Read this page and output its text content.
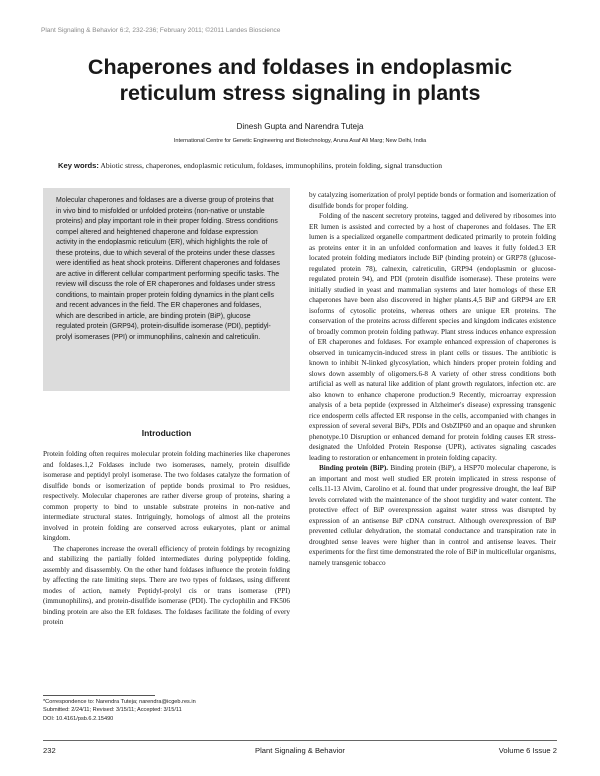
Plant Signaling & Behavior 6:2, 232-236; February 2011; ©2011 Landes Bioscience
Chaperones and foldases in endoplasmic
reticulum stress signaling in plants
Dinesh Gupta and Narendra Tuteja
International Centre for Genetic Engineering and Biotechnology, Aruna Asaf Ali Marg; New Delhi, India
Key words: Abiotic stress, chaperones, endoplasmic reticulum, foldases, immunophilins, protein folding, signal transduction

Molecular chaperones and foldases are a diverse group of proteins that in vivo bind to misfolded or unfolded proteins (non-native or unstable proteins) and play important role in their proper folding. Stress conditions compel altered and heightened chaperone and foldase expression activity in the endoplasmic reticulum (ER), which highlights the role of these proteins, due to which several of the proteins under these classes were identified as heat shock proteins. Different chaperones and foldases are active in different cellular compartment performing specific tasks. The review will discuss the role of ER chaperones and foldases under stress conditions, to maintain proper protein folding dynamics in the plant cells and recent advances in the field. The ER chaperones and foldases, which are described in article, are binding protein (BiP), glucose regulated protein (GRP94), protein-disulfide isomerase (PDI), peptidyl-prolyl isomerases (PPI) or immunophilins, calnexin and calreticulin.

Introduction

Protein folding often requires molecular protein folding machineries like chaperones and foldases.1,2 Foldases include two isomerases, namely, protein disulfide isomerase and peptidyl prolyl isomerase. The two foldases catalyze the formation of disulfide bonds or isomerization of peptide bonds proximal to Pro residues, respectively. Molecular chaperones are rather diverse group of proteins, sharing a common property to bind to unstable substrate proteins in non-native and intermediate structural states. Intriguingly, homologs of almost all the proteins involved in protein folding are conserved across eukaryotes, plant or animal kingdom.

The chaperones increase the overall efficiency of protein foldings by recognizing and stabilizing the partially folded intermediates during polypeptide folding, assembly and disassembly. On the other hand foldases influence the protein folding by affecting the rate limiting steps. There are two types of foldases, using different modes of action, namely Peptidyl-prolyl cis or trans isomerase (PPI) (immunophilins), and protein-disulfide isomerase (PDI). The cyclophilin and FK506 binding protein are also the ER foldases. The foldases facilitate the folding of every protein

by catalyzing isomerization of prolyl peptide bonds or formation and isomerization of disulfide bonds for proper folding.

Folding of the nascent secretory proteins, tagged and delivered by ribosomes into ER lumen is assisted and corrected by a host of chaperones and foldases. The ER lumen is a specialized organelle compartment dedicated primarily to protein folding as proteins enter it in an unfolded conformation and leaves it fully folded.3 ER located protein folding mediators include BiP (binding protein) or GRP78 (glucose-regulated protein 78), calnexin, calreticulin, GRP94 (endoplasmin or glucose-regulated protein 94), and PDI (protein disulfide isomerase). These proteins were initially studied in yeast and mammalian systems and later homologs of these ER chaperones have been also discovered in higher plants.4,5 BiP and GRP94 are ER isoforms of cytosolic proteins, whereas others are unique ER proteins. The conservation of the proteins across different species and kingdom indicates existence of broadly common protein folding pathway. Plant stress induces enhance expression of ER chaperones and foldases. For example enhanced expression of chaperones is observed in tunicamycin-induced stress in plant cells or tissues. The antibiotic is known to inhibit N-linked glycosylation, which hinders proper protein folding and slows down assembly of oligomers.6-8 A variety of other stress conditions both artificial as well as natural like addition of plant growth regulators, infection etc. are also known to enhance chaperone production.9 Recently, microarray expression analysis of a beta peptide (expressed in Alzheimer's disease) expressing transgenic rice endosperm cells affected ER response in the cells, accompanied with changes in expression of several several BiPs, PDIs and OsbZIP60 and an opaque and shrunken phenotype.10 Disruption or enhanced demand for protein folding causes ER stress- designated the Unfolded Protein Response (UPR), activates signaling cascades leading to restoration or enhancement in protein folding capacity.

Binding protein (BiP). Binding protein (BiP), a HSP70 molecular chaperone, is an important and most well studied ER protein implicated in stress response of cells.11-13 Alvim, Carolino et al. found that under progressive drought, the leaf BiP levels correlated with the maintenance of the shoot turgidity and water content. The protective effect of BiP overexpression against water stress was disrupted by expression of an antisense BiP cDNA construct. Although overexpression of BiP prevented cellular dehydration, the stomatal conductance and transpiration rate in droughted sense leaves were higher than in control and antisense leaves. Their experiments for the first time demonstrated the role of BiP in multicellular organisms, namely transgenic tobacco

*Correspondence to: Narendra Tuteja; narendra@icgeb.res.in
Submitted: 2/24/11; Revised: 3/15/11; Accepted: 3/15/11
DOI: 10.4161/psb.6.2.15490
232	Plant Signaling & Behavior	Volume 6 Issue 2
